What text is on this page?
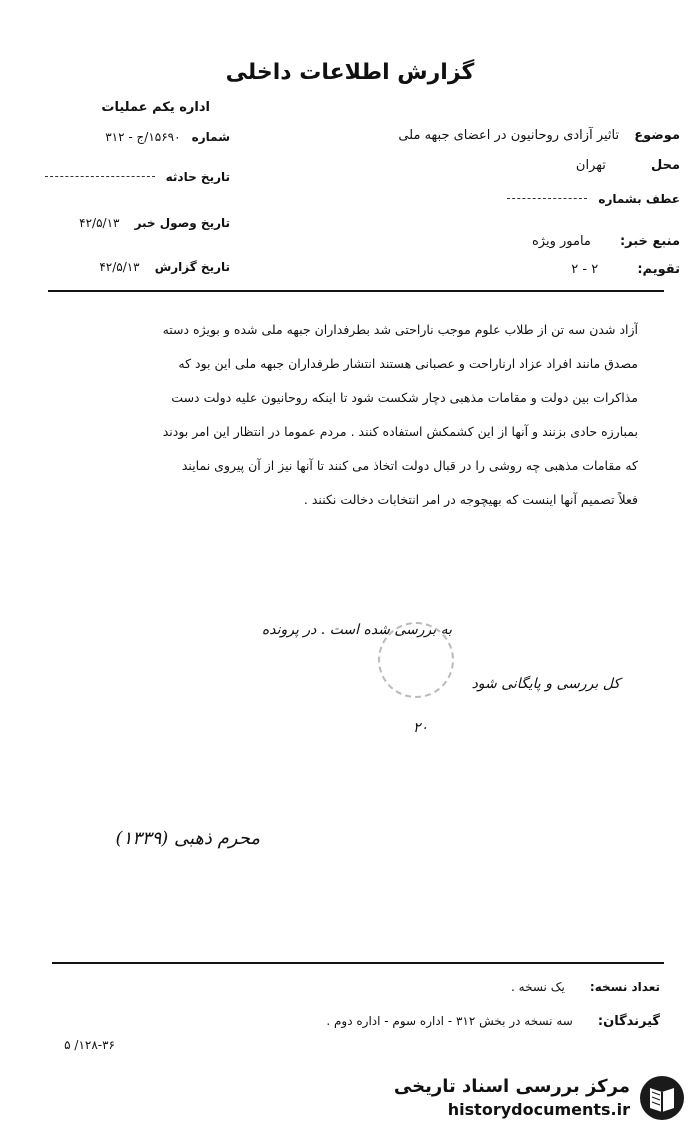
گزارش اطلاعات داخلی
اداره یکم عملیات
شماره ۱۵۶۹۰/ج - ۳۱۲
تاریخ حادثه
تاریخ وصول خبر ۴۲/۵/۱۳
تاریخ گزارش ۴۲/۵/۱۳
موضوع تاثیر آزادی روحانیون در اعضای جبهه ملی
محل تهران
عطف بشماره
منبع خبر: مامور ویژه
تقویم: ۲ - ۲
آزاد شدن سه تن از طلاب علوم موجب ناراحتی شد بطرفداران جبهه ملی شده و بویژه دسته
مصدق مانند افراد عزاد ارناراحت و عصبانی هستند انتشار طرفداران جبهه ملی این بود که
مذاکرات بین دولت و مقامات مذهبی دچار شکست شود تا اینکه روحانیون علیه دولت دست
بمبارزه حادی بزنند و آنها از این کشمکش استفاده کنند . مردم عموما در انتظار این امر بودند
که مقامات مذهبی چه روشی را در قبال دولت اتخاذ می کنند تا آنها نیز از آن پیروی نمایند
فعلاً تصمیم آنها اینست که بهیچوجه در امر انتخابات دخالت نکنند .
به بررسی شده است . در پرونده
کل بررسی و پایگانی شود
۲۰
محرم ذهبی (۱۳۳۹)
تعداد نسخه: یک نسخه .
گیرندگان: سه نسخه در بخش ۳۱۲ - اداره سوم - اداره دوم .
۱۲۸-۳۶/ ۵
مرکز بررسی اسناد تاریخی
historydocuments.ir
